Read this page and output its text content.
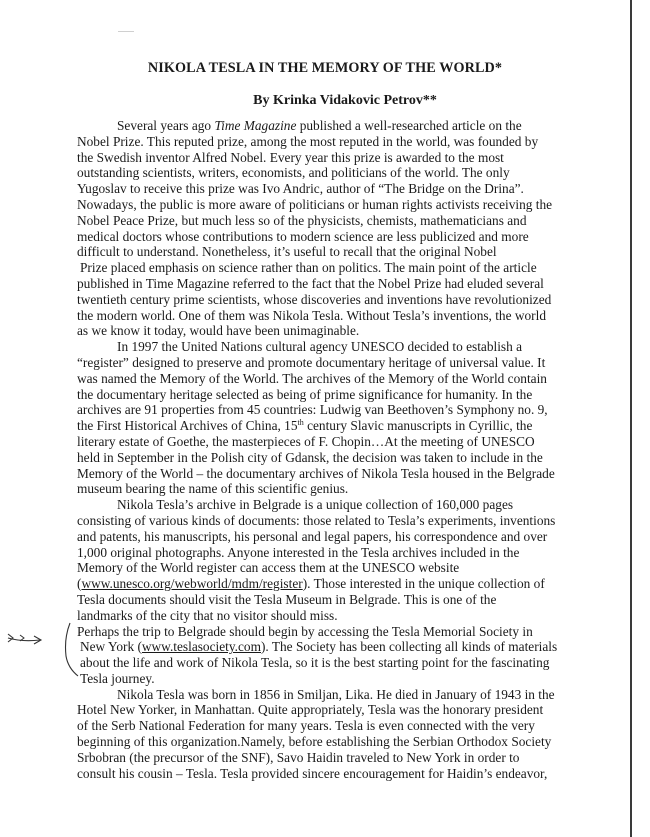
NIKOLA TESLA IN THE MEMORY OF THE WORLD*
By Krinka Vidakovic Petrov**
Several years ago Time Magazine published a well-researched article on the
Nobel Prize. This reputed prize, among the most reputed in the world, was founded by
the Swedish inventor Alfred Nobel. Every year this prize is awarded to the most
outstanding scientists, writers, economists, and politicians of the world. The only
Yugoslav to receive this prize was Ivo Andric, author of “The Bridge on the Drina”.
Nowadays, the public is more aware of politicians or human rights activists receiving the
Nobel Peace Prize, but much less so of the physicists, chemists, mathematicians and
medical doctors whose contributions to modern science are less publicized and more
difficult to understand. Nonetheless, it’s useful to recall that the original Nobel
Prize placed emphasis on science rather than on politics. The main point of the article
published in Time Magazine referred to the fact that the Nobel Prize had eluded several
twentieth century prime scientists, whose discoveries and inventions have revolutionized
the modern world. One of them was Nikola Tesla. Without Tesla’s inventions, the world
as we know it today, would have been unimaginable.
In 1997 the United Nations cultural agency UNESCO decided to establish a
“register” designed to preserve and promote documentary heritage of universal value. It
was named the Memory of the World. The archives of the Memory of the World contain
the documentary heritage selected as being of prime significance for humanity. In the
archives are 91 properties from 45 countries: Ludwig van Beethoven’s Symphony no. 9,
the First Historical Archives of China, 15th century Slavic manuscripts in Cyrillic, the
literary estate of Goethe, the masterpieces of F. Chopin…At the meeting of UNESCO
held in September in the Polish city of Gdansk, the decision was taken to include in the
Memory of the World – the documentary archives of Nikola Tesla housed in the Belgrade
museum bearing the name of this scientific genius.
Nikola Tesla’s archive in Belgrade is a unique collection of 160,000 pages
consisting of various kinds of documents: those related to Tesla’s experiments, inventions
and patents, his manuscripts, his personal and legal papers, his correspondence and over
1,000 original photographs. Anyone interested in the Tesla archives included in the
Memory of the World register can access them at the UNESCO website
(www.unesco.org/webworld/mdm/register). Those interested in the unique collection of
Tesla documents should visit the Tesla Museum in Belgrade. This is one of the
landmarks of the city that no visitor should miss.
Perhaps the trip to Belgrade should begin by accessing the Tesla Memorial Society in
New York (www.teslasociety.com). The Society has been collecting all kinds of materials
about the life and work of Nikola Tesla, so it is the best starting point for the fascinating
Tesla journey.
Nikola Tesla was born in 1856 in Smiljan, Lika. He died in January of 1943 in the
Hotel New Yorker, in Manhattan. Quite appropriately, Tesla was the honorary president
of the Serb National Federation for many years. Tesla is even connected with the very
beginning of this organization.Namely, before establishing the Serbian Orthodox Society
Srbobran (the precursor of the SNF), Savo Haidin traveled to New York in order to
consult his cousin – Tesla. Tesla provided sincere encouragement for Haidin’s endeavor,
